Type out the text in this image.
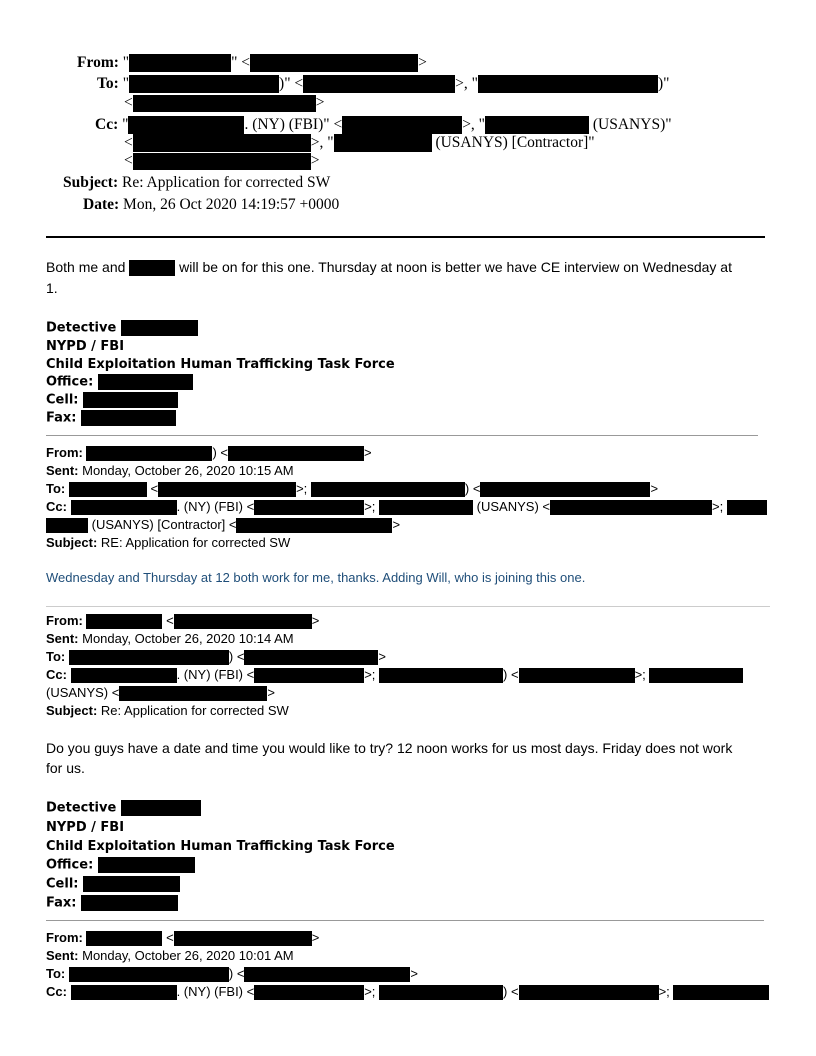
From: "	" <	>
To: "	)" <	>, "	)"
<	>
Cc: "	. (NY) (FBI)" <	>, "	(USANYS)"
<	>, "	(USANYS) [Contractor]"
<	>
Subject: Re: Application for corrected SW
Date: Mon, 26 Oct 2020 14:19:57 +0000
Both me and	will be on for this one. Thursday at noon is better we have CE interview on Wednesday at
1.
Detective
NYPD / FBI
Child Exploitation Human Trafficking Task Force
Office:
Cell:
Fax:
From:	) <	>
Sent: Monday, October 26, 2020 10:15 AM
To:	<	>;	) <	>
Cc:	. (NY) (FBI) <	>;	(USANYS) <	>;
(USANYS) [Contractor] <	>
Subject: RE: Application for corrected SW
Wednesday and Thursday at 12 both work for me, thanks. Adding Will, who is joining this one.
From:	<	>
Sent: Monday, October 26, 2020 10:14 AM
To:	) <	>
Cc:	. (NY) (FBI) <	>;	) <	>;
(USANYS) <	>
Subject: Re: Application for corrected SW
Do you guys have a date and time you would like to try? 12 noon works for us most days. Friday does not work
for us.
Detective
NYPD / FBI
Child Exploitation Human Trafficking Task Force
Office:
Cell:
Fax:
From:	<	>
Sent: Monday, October 26, 2020 10:01 AM
To:	) <	>
Cc:	. (NY) (FBI) <	>;	) <	>;
